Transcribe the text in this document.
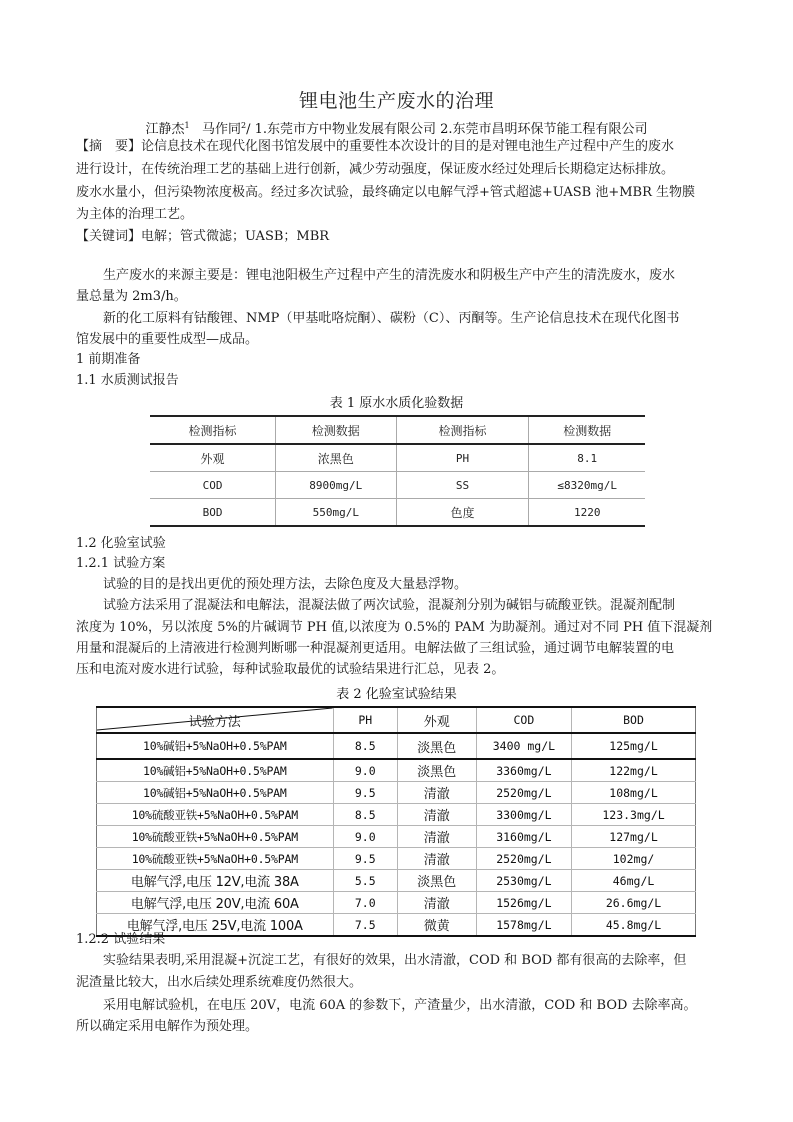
锂电池生产废水的治理
江静杰$^1$ 马作同$^2$/ 1.东莞市方中物业发展有限公司 2.东莞市昌明环保节能工程有限公司
【摘　要】论信息技术在现代化图书馆发展中的重要性本次设计的目的是对锂电池生产过程中产生的废水
进行设计，在传统治理工艺的基础上进行创新，减少劳动强度，保证废水经过处理后长期稳定达标排放。
废水水量小，但污染物浓度极高。经过多次试验，最终确定以电解气浮+管式超滤+UASB 池+MBR 生物膜
为主体的治理工艺。
【关键词】电解；管式微滤；UASB；MBR
生产废水的来源主要是：锂电池阳极生产过程中产生的清洗废水和阴极生产中产生的清洗废水，废水
量总量为 2m3/h。
新的化工原料有钴酸锂、NMP（甲基吡咯烷酮）、碳粉（C）、丙酮等。生产论信息技术在现代化图书
馆发展中的重要性成型—成品。
1 前期准备
1.1 水质测试报告
表 1 原水水质化验数据
检测指标	检测数据	检测指标	检测数据
外观	浓黑色	PH	8.1
COD	8900mg/L	SS	≤8320mg/L
BOD	550mg/L	色度	1220
1.2 化验室试验
1.2.1 试验方案
试验的目的是找出更优的预处理方法，去除色度及大量悬浮物。
试验方法采用了混凝法和电解法，混凝法做了两次试验，混凝剂分别为碱铝与硫酸亚铁。混凝剂配制
浓度为 10%，另以浓度 5%的片碱调节 PH 值,以浓度为 0.5%的 PAM 为助凝剂。通过对不同 PH 值下混凝剂
用量和混凝后的上清液进行检测判断哪一种混凝剂更适用。电解法做了三组试验，通过调节电解装置的电
压和电流对废水进行试验，每种试验取最优的试验结果进行汇总，见表 2。
表 2 化验室试验结果
试验方法	PH	外观	COD	BOD
10%碱铝+5%NaOH+0.5%PAM	8.5	淡黑色	3400 mg/L	125mg/L
10%碱铝+5%NaOH+0.5%PAM	9.0	淡黑色	3360mg/L	122mg/L
10%碱铝+5%NaOH+0.5%PAM	9.5	清澈	2520mg/L	108mg/L
10%硫酸亚铁+5%NaOH+0.5%PAM	8.5	清澈	3300mg/L	123.3mg/L
10%硫酸亚铁+5%NaOH+0.5%PAM	9.0	清澈	3160mg/L	127mg/L
10%硫酸亚铁+5%NaOH+0.5%PAM	9.5	清澈	2520mg/L	102mg/
电解气浮,电压 12V,电流 38A	5.5	淡黑色	2530mg/L	46mg/L
电解气浮,电压 20V,电流 60A	7.0	清澈	1526mg/L	26.6mg/L
电解气浮,电压 25V,电流 100A	7.5	微黄	1578mg/L	45.8mg/L
1.2.2 试验结果
实验结果表明,采用混凝+沉淀工艺，有很好的效果，出水清澈，COD 和 BOD 都有很高的去除率，但
泥渣量比较大，出水后续处理系统难度仍然很大。
采用电解试验机，在电压 20V，电流 60A 的参数下，产渣量少，出水清澈，COD 和 BOD 去除率高。
所以确定采用电解作为预处理。
